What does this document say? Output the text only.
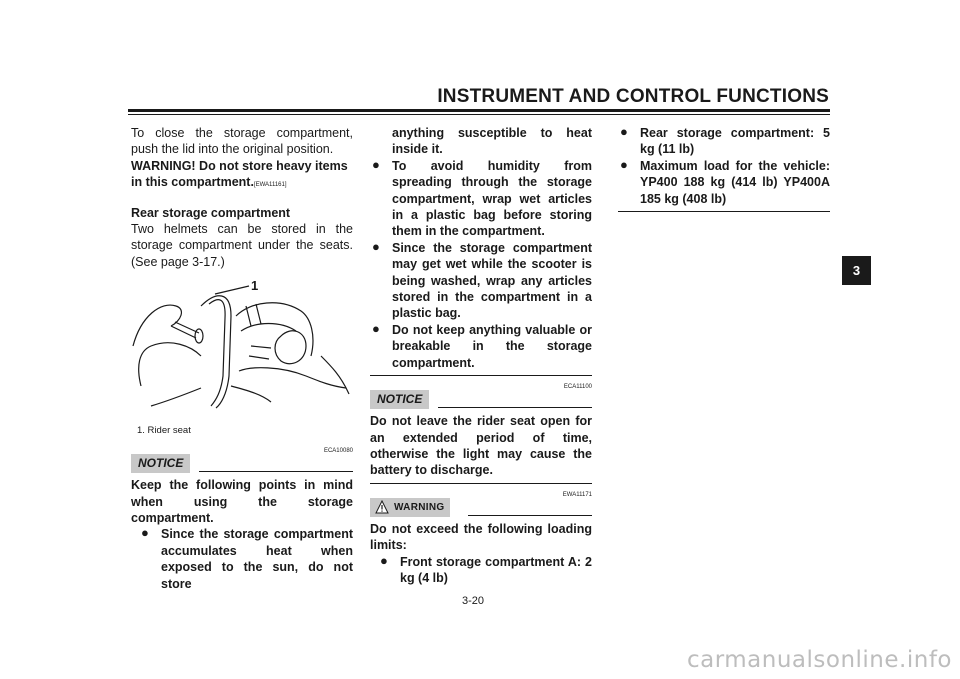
INSTRUMENT AND CONTROL FUNCTIONS
3

To close the storage compartment, push the lid into the original position.

WARNING! Do not store heavy items in this compartment.[EWA11161]

Rear storage compartment

Two helmets can be stored in the storage compartment under the seats. (See page 3-17.)

1
1. Rider seat
ECA10080
NOTICE

Keep the following points in mind when using the storage compartment.

● Since the storage compartment accumulates heat when exposed to the sun, do not store
anything susceptible to heat inside it.
● To avoid humidity from spreading through the storage compartment, wrap wet articles in a plastic bag before storing them in the compartment.
● Since the storage compartment may get wet while the scooter is being washed, wrap any articles stored in the compartment in a plastic bag.
● Do not keep anything valuable or breakable in the storage compartment.
ECA11100
NOTICE

Do not leave the rider seat open for an extended period of time, otherwise the light may cause the battery to discharge.

EWA11171
WARNING

Do not exceed the following loading limits:

● Front storage compartment A: 2 kg (4 lb)
● Rear storage compartment: 5 kg (11 lb)
● Maximum load for the vehicle: YP400 188 kg (414 lb) YP400A 185 kg (408 lb)
3-20
carmanualsonline.info
